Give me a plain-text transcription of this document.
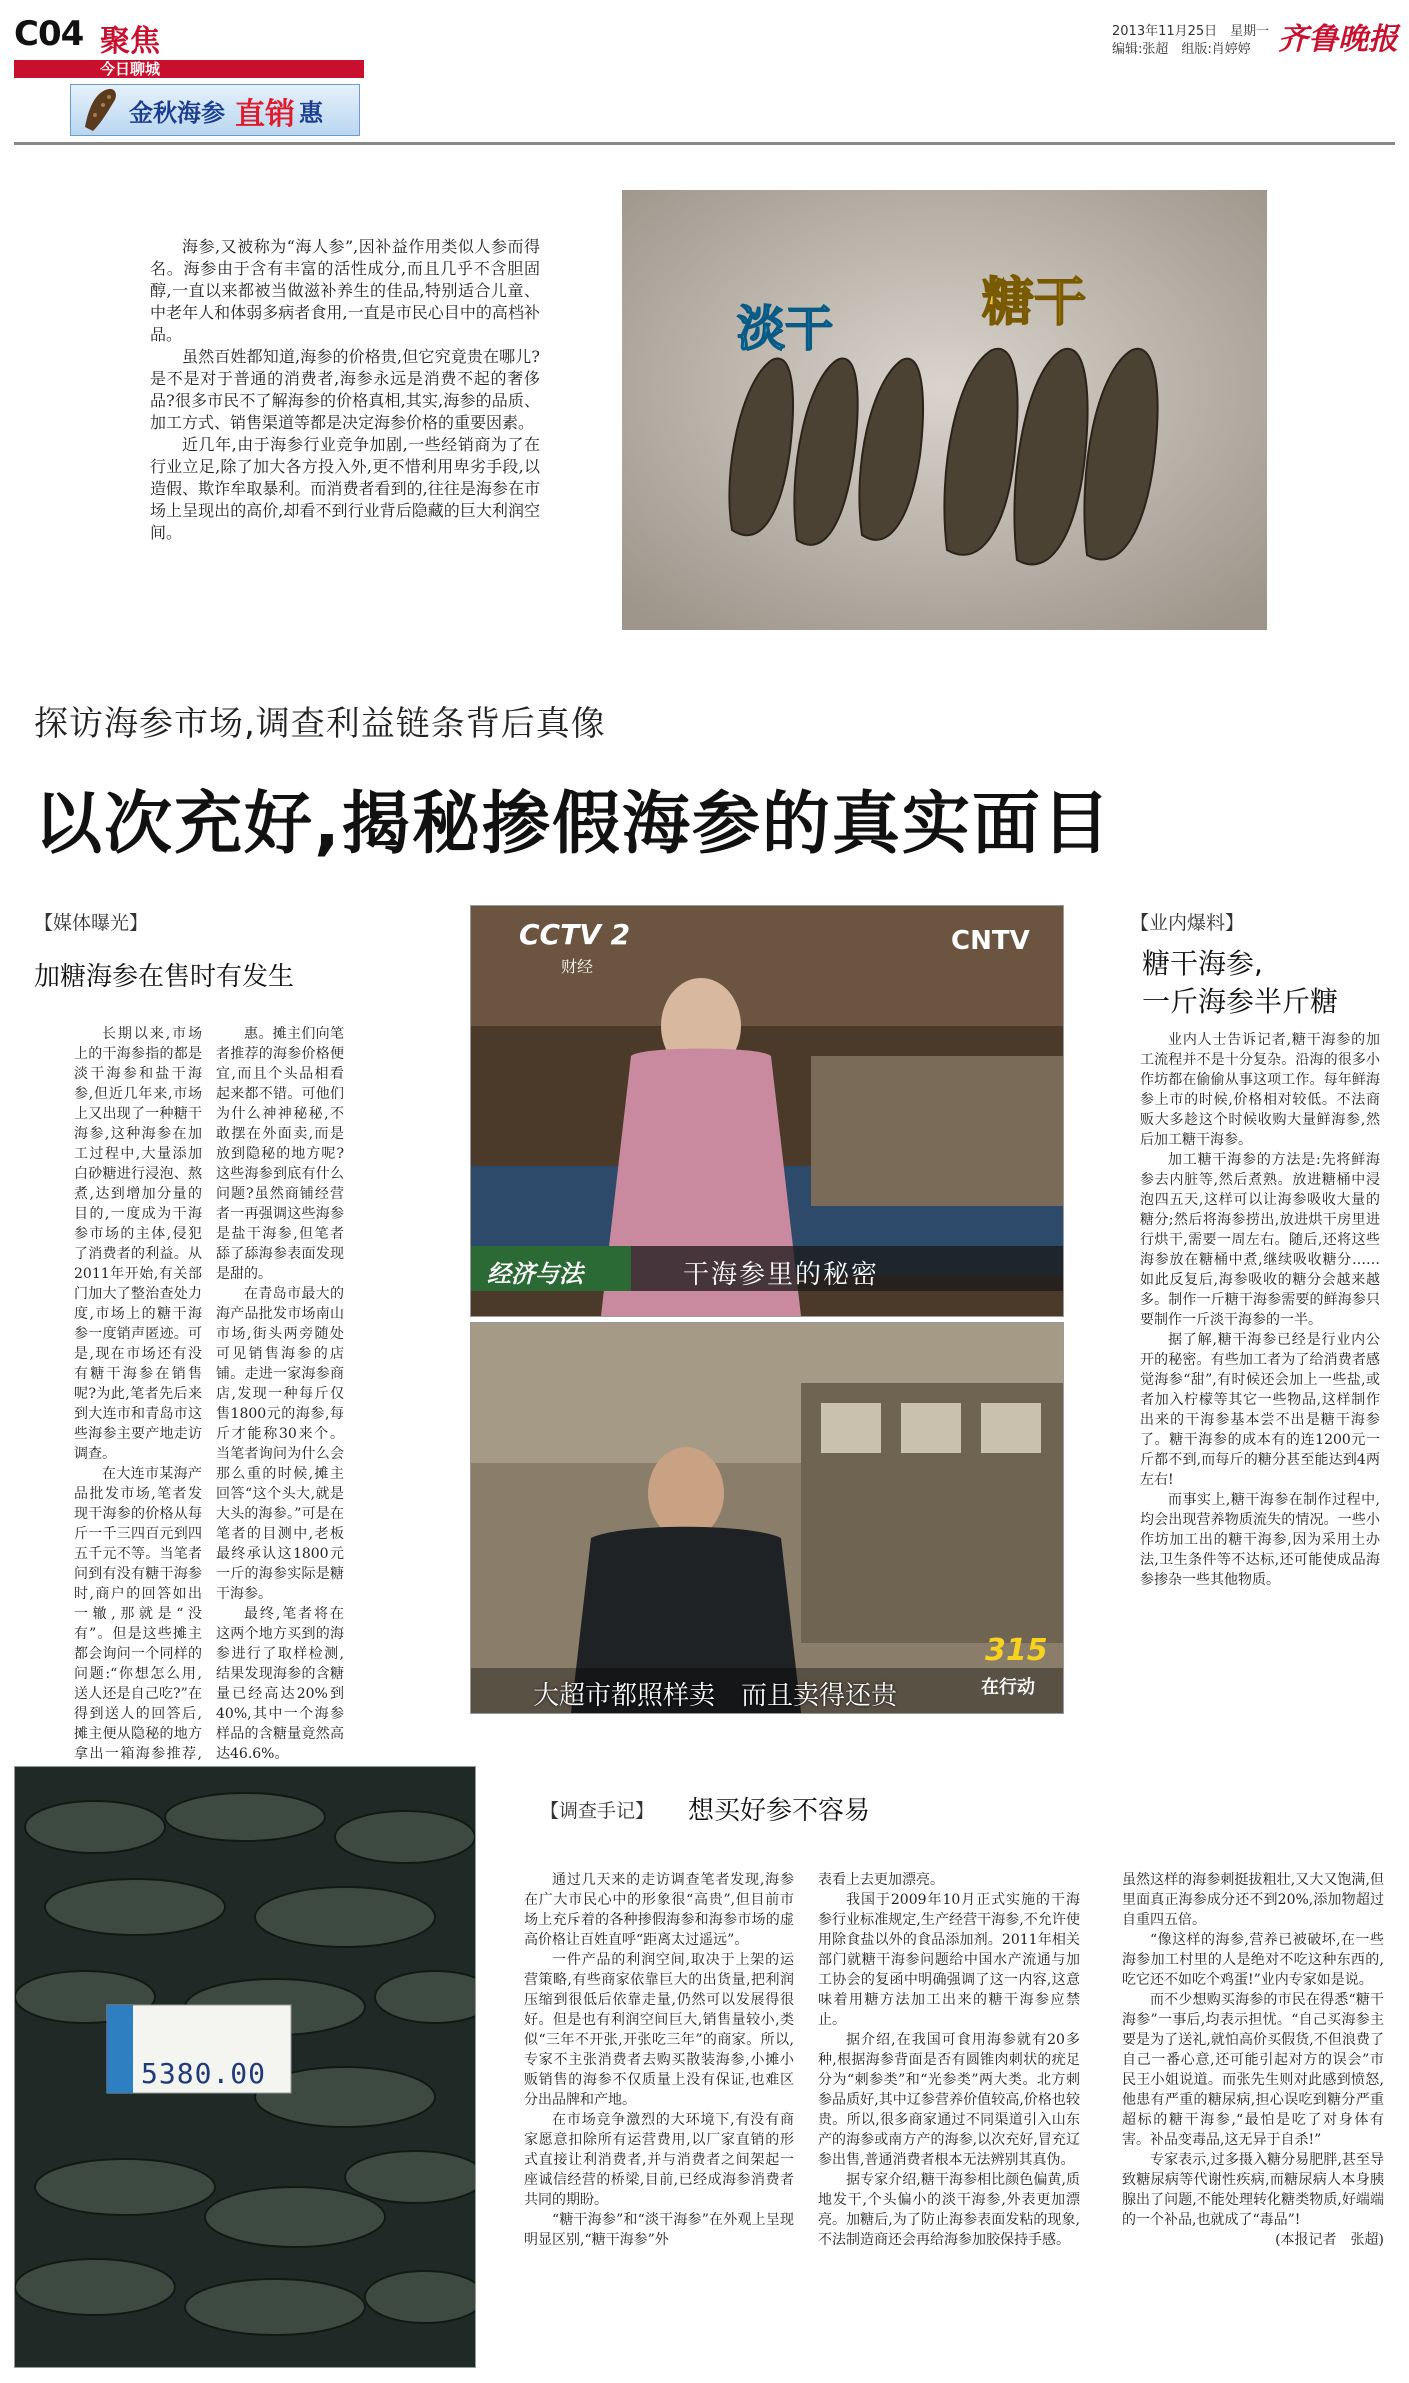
C04 聚焦
今日聊城
金秋海参 直销 惠
2013年11月25日　星期一
编辑:张超　组版:肖婷婷 齐鲁晚报

海参,又被称为“海人参”,因补益作用类似人参而得名。海参由于含有丰富的活性成分,而且几乎不含胆固醇,一直以来都被当做滋补养生的佳品,特别适合儿童、中老年人和体弱多病者食用,一直是市民心目中的高档补品。

虽然百姓都知道,海参的价格贵,但它究竟贵在哪儿?是不是对于普通的消费者,海参永远是消费不起的奢侈品?很多市民不了解海参的价格真相,其实,海参的品质、加工方式、销售渠道等都是决定海参价格的重要因素。

近几年,由于海参行业竞争加剧,一些经销商为了在行业立足,除了加大各方投入外,更不惜利用卑劣手段,以造假、欺诈牟取暴利。而消费者看到的,往往是海参在市场上呈现出的高价,却看不到行业背后隐藏的巨大利润空间。

淡干	糖干
探访海参市场,调查利益链条背后真像
以次充好,揭秘掺假海参的真实面目
【媒体曝光】
加糖海参在售时有发生

长期以来,市场上的干海参指的都是淡干海参和盐干海参,但近几年来,市场上又出现了一种糖干海参,这种海参在加工过程中,大量添加白砂糖进行浸泡、熬煮,达到增加分量的目的,一度成为干海参市场的主体,侵犯了消费者的利益。从2011年开始,有关部门加大了整治查处力度,市场上的糖干海参一度销声匿迹。可是,现在市场还有没有糖干海参在销售呢?为此,笔者先后来到大连市和青岛市这些海参主要产地走访调查。

在大连市某海产品批发市场,笔者发现干海参的价格从每斤一千三四百元到四五千元不等。当笔者问到有没有糖干海参时,商户的回答如出一辙,那就是“没有”。但是这些摊主都会询问一个同样的问题:“你想怎么用,送人还是自己吃?”在得到送人的回答后,摊主便从隐秘的地方拿出一箱海参推荐,

惠。摊主们向笔者推荐的海参价格便宜,而且个头品相看起来都不错。可他们为什么神神秘秘,不敢摆在外面卖,而是放到隐秘的地方呢?这些海参到底有什么问题?虽然商铺经营者一再强调这些海参是盐干海参,但笔者舔了舔海参表面发现是甜的。

在青岛市最大的海产品批发市场南山市场,街头两旁随处可见销售海参的店铺。走进一家海参商店,发现一种每斤仅售1800元的海参,每斤才能称30来个。当笔者询问为什么会那么重的时候,摊主回答“这个头大,就是大头的海参。”可是在笔者的目测中,老板最终承认这1800元一斤的海参实际是糖干海参。

最终,笔者将在这两个地方买到的海参进行了取样检测,结果发现海参的含糖量已经高达20%到40%,其中一个海参样品的含糖量竟然高达46.6%。

CCTV 2
财经
CNTV
经济与法	干海参里的秘密
大超市都照样卖　而且卖得还贵
315
在行动
【业内爆料】
糖干海参,
一斤海参半斤糖

业内人士告诉记者,糖干海参的加工流程并不是十分复杂。沿海的很多小作坊都在偷偷从事这项工作。每年鲜海参上市的时候,价格相对较低。不法商贩大多趁这个时候收购大量鲜海参,然后加工糖干海参。

加工糖干海参的方法是:先将鲜海参去内脏等,然后煮熟。放进糖桶中浸泡四五天,这样可以让海参吸收大量的糖分;然后将海参捞出,放进烘干房里进行烘干,需要一周左右。随后,还将这些海参放在糖桶中煮,继续吸收糖分……如此反复后,海参吸收的糖分会越来越多。制作一斤糖干海参需要的鲜海参只要制作一斤淡干海参的一半。

据了解,糖干海参已经是行业内公开的秘密。有些加工者为了给消费者感觉海参“甜”,有时候还会加上一些盐,或者加入柠檬等其它一些物品,这样制作出来的干海参基本尝不出是糖干海参了。糖干海参的成本有的连1200元一斤都不到,而每斤的糖分甚至能达到4两左右!

而事实上,糖干海参在制作过程中,均会出现营养物质流失的情况。一些小作坊加工出的糖干海参,因为采用土办法,卫生条件等不达标,还可能使成品海参掺杂一些其他物质。

5380.00
【调查手记】 想买好参不容易

通过几天来的走访调查笔者发现,海参在广大市民心中的形象很“高贵”,但目前市场上充斥着的各种掺假海参和海参市场的虚高价格让百姓直呼“距离太过遥远”。

一件产品的利润空间,取决于上架的运营策略,有些商家依靠巨大的出货量,把利润压缩到很低后依靠走量,仍然可以发展得很好。但是也有利润空间巨大,销售量较小,类似“三年不开张,开张吃三年”的商家。所以,专家不主张消费者去购买散装海参,小摊小贩销售的海参不仅质量上没有保证,也难区分出品牌和产地。

在市场竞争激烈的大环境下,有没有商家愿意扣除所有运营费用,以厂家直销的形式直接让利消费者,并与消费者之间架起一座诚信经营的桥梁,目前,已经成海参消费者共同的期盼。

“糖干海参”和“淡干海参”在外观上呈现明显区别,“糖干海参”外

表看上去更加漂亮。

我国于2009年10月正式实施的干海参行业标准规定,生产经营干海参,不允许使用除食盐以外的食品添加剂。2011年相关部门就糖干海参问题给中国水产流通与加工协会的复函中明确强调了这一内容,这意味着用糖方法加工出来的糖干海参应禁止。

据介绍,在我国可食用海参就有20多种,根据海参背面是否有圆锥肉刺状的疣足分为“刺参类”和“光参类”两大类。北方刺参品质好,其中辽参营养价值较高,价格也较贵。所以,很多商家通过不同渠道引入山东产的海参或南方产的海参,以次充好,冒充辽参出售,普通消费者根本无法辨别其真伪。

据专家介绍,糖干海参相比颜色偏黄,质地发干,个头偏小的淡干海参,外表更加漂亮。加糖后,为了防止海参表面发粘的现象,不法制造商还会再给海参加胶保持手感。

虽然这样的海参刺挺拔粗壮,又大又饱满,但里面真正海参成分还不到20%,添加物超过自重四五倍。

“像这样的海参,营养已被破坏,在一些海参加工村里的人是绝对不吃这种东西的,吃它还不如吃个鸡蛋!”业内专家如是说。

而不少想购买海参的市民在得悉“糖干海参”一事后,均表示担忧。“自己买海参主要是为了送礼,就怕高价买假货,不但浪费了自己一番心意,还可能引起对方的误会”市民王小姐说道。而张先生则对此感到愤怒,他患有严重的糖尿病,担心误吃到糖分严重超标的糖干海参,“最怕是吃了对身体有害。补品变毒品,这无异于自杀!”

专家表示,过多摄入糖分易肥胖,甚至导致糖尿病等代谢性疾病,而糖尿病人本身胰腺出了问题,不能处理转化糖类物质,好端端的一个补品,也就成了“毒品”!

(本报记者　张超)
